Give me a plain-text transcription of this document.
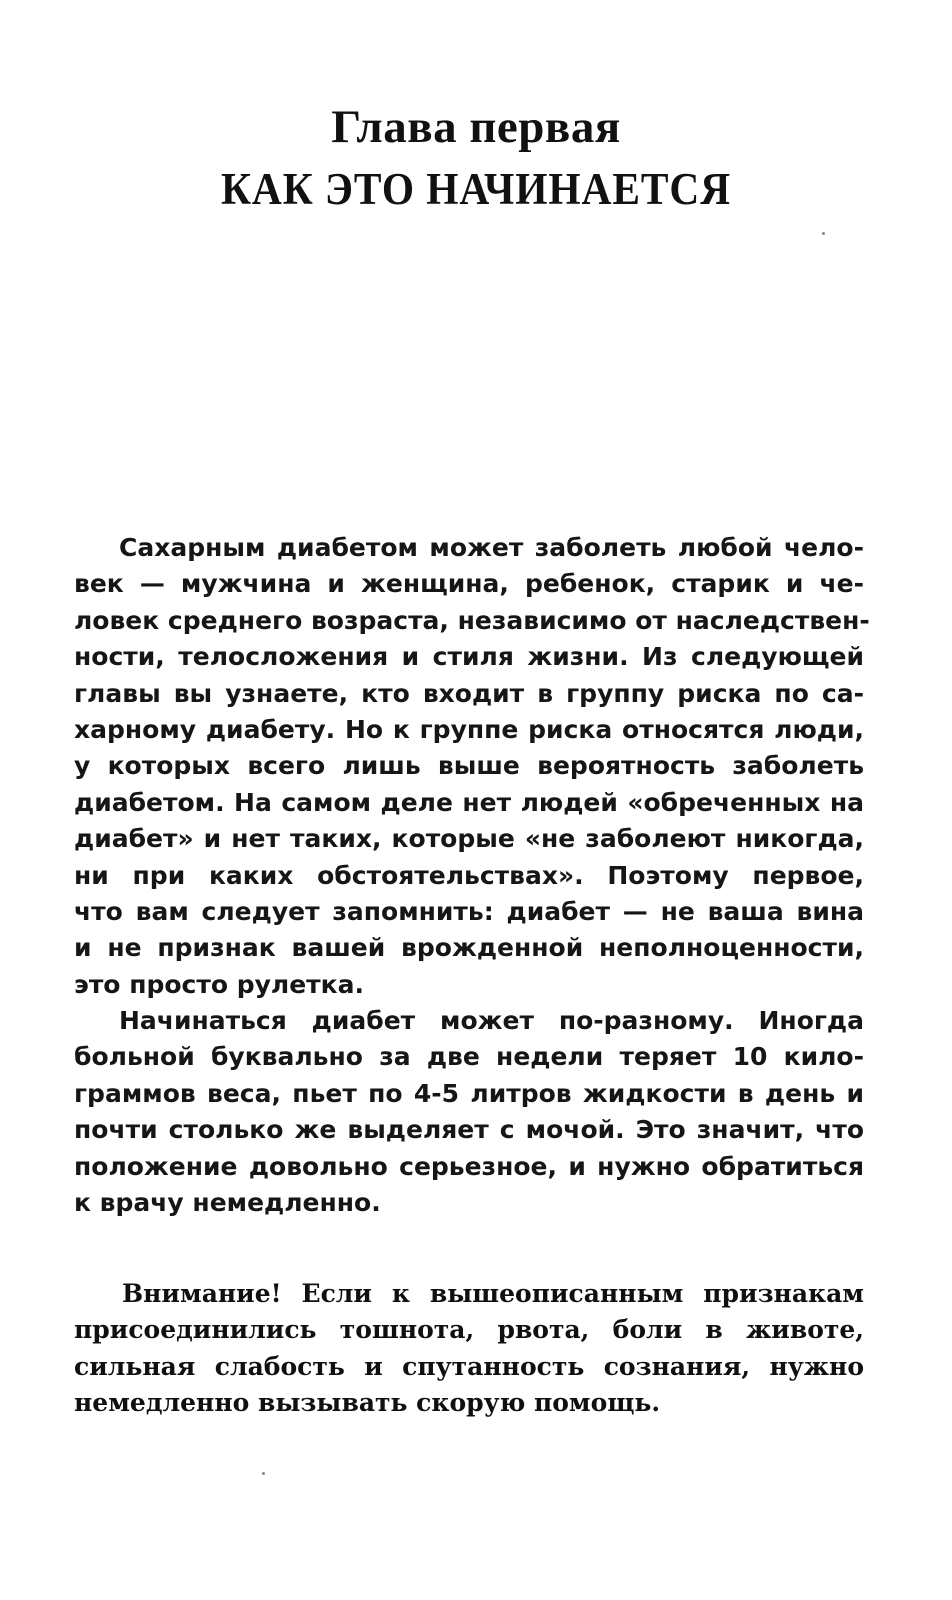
Глава первая
КАК ЭТО НАЧИНАЕТСЯ
Сахарным диабетом может заболеть любой чело-
век — мужчина и женщина, ребенок, старик и че-
ловек среднего возраста, независимо от наследствен-
ности, телосложения и стиля жизни. Из следующей
главы вы узнаете, кто входит в группу риска по са-
харному диабету. Но к группе риска относятся люди,
у которых всего лишь выше вероятность заболеть
диабетом. На самом деле нет людей «обреченных на
диабет» и нет таких, которые «не заболеют никогда,
ни при каких обстоятельствах». Поэтому первое,
что вам следует запомнить: диабет — не ваша вина
и не признак вашей врожденной неполноценности,
это просто рулетка.
Начинаться диабет может по-разному. Иногда
больной буквально за две недели теряет 10 кило-
граммов веса, пьет по 4-5 литров жидкости в день и
почти столько же выделяет с мочой. Это значит, что
положение довольно серьезное, и нужно обратиться
к врачу немедленно.
Внимание! Если к вышеописанным признакам
присоединились тошнота, рвота, боли в животе,
сильная слабость и спутанность сознания, нужно
немедленно вызывать скорую помощь.
